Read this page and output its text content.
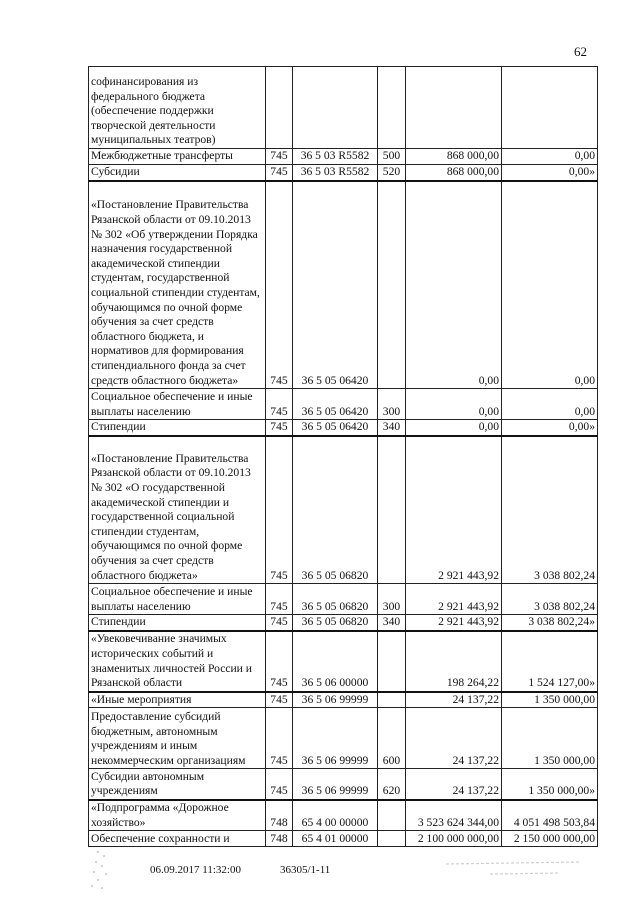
62
софинансирования из федерального бюджета (обеспечение поддержки творческой деятельности муниципальных театров)					
Межбюджетные трансферты	745	36 5 03 R5582	500	868 000,00	0,00
Субсидии	745	36 5 03 R5582	520	868 000,00	0,00»
«Постановление Правительства Рязанской области от 09.10.2013 № 302 «Об утверждении Порядка назначения государственной академической стипендии студентам, государственной социальной стипендии студентам, обучающимся по очной форме обучения за счет средств областного бюджета, и нормативов для формирования стипендиального фонда за счет средств областного бюджета»	745	36 5 05 06420		0,00	0,00
Социальное обеспечение и иные выплаты населению	745	36 5 05 06420	300	0,00	0,00
Стипендии	745	36 5 05 06420	340	0,00	0,00»
«Постановление Правительства Рязанской области от 09.10.2013 № 302 «О государственной академической стипендии и государственной социальной стипендии студентам, обучающимся по очной форме обучения за счет средств областного бюджета»	745	36 5 05 06820		2 921 443,92	3 038 802,24
Социальное обеспечение и иные выплаты населению	745	36 5 05 06820	300	2 921 443,92	3 038 802,24
Стипендии	745	36 5 05 06820	340	2 921 443,92	3 038 802,24»
«Увековечивание значимых исторических событий и знаменитых личностей России и Рязанской области	745	36 5 06 00000		198 264,22	1 524 127,00»
«Иные мероприятия	745	36 5 06 99999		24 137,22	1 350 000,00
Предоставление субсидий бюджетным, автономным учреждениям и иным некоммерческим организациям	745	36 5 06 99999	600	24 137,22	1 350 000,00
Субсидии автономным учреждениям	745	36 5 06 99999	620	24 137,22	1 350 000,00»
«Подпрограмма «Дорожное хозяйство»	748	65 4 00 00000		3 523 624 344,00	4 051 498 503,84
Обеспечение сохранности и	748	65 4 01 00000		2 100 000 000,00	2 150 000 000,00
06.09.2017 11:32:00	36305/1-11
